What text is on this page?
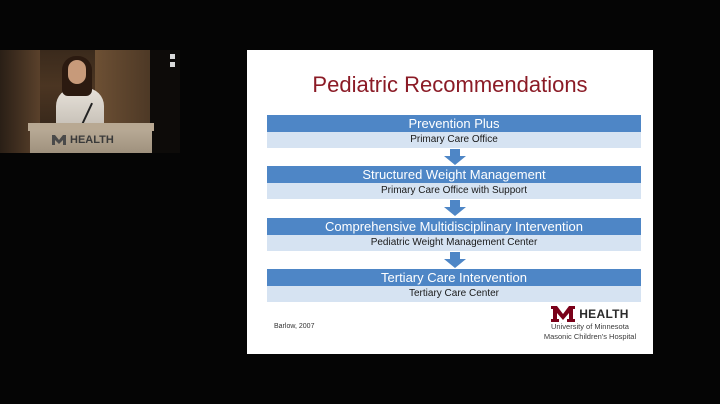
HEALTH
Pediatric Recommendations
Prevention Plus
Primary Care Office
Structured Weight Management
Primary Care Office with Support
Comprehensive Multidisciplinary Intervention
Pediatric Weight Management Center
Tertiary Care Intervention
Tertiary Care Center
Barlow, 2007
HEALTH
University of Minnesota
Masonic Children's Hospital
